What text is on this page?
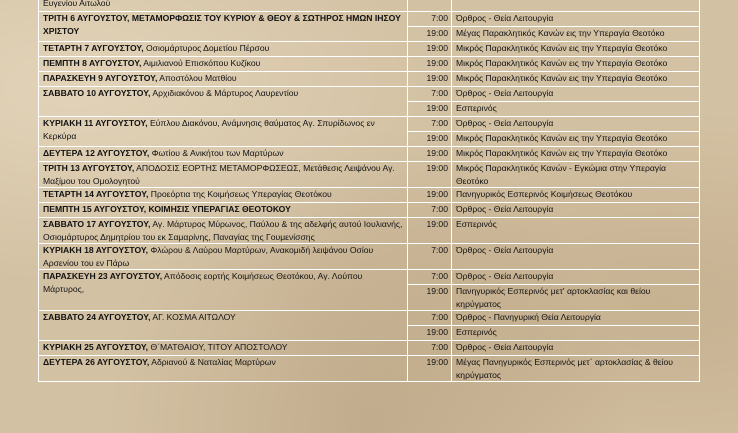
Ευγενίου Αιτωλού		
ΤΡΙΤΗ 6 ΑΥΓΟΥΣΤΟΥ, ΜΕΤΑΜΟΡΦΩΣΙΣ ΤΟΥ ΚΥΡΙΟΥ & ΘΕΟΥ & ΣΩΤΗΡΟΣ ΗΜΩΝ ΙΗΣΟΥ ΧΡΙΣΤΟΥ	7:00	Όρθρος - Θεία Λειτουργία
	19:00	Μέγας Παρακλητικός Κανών εις την Υπεραγία Θεοτόκο
ΤΕΤΑΡΤΗ 7 ΑΥΓΟΥΣΤΟΥ, Οσιομάρτυρος Δομετίου Πέρσου	19:00	Μικρός Παρακλητικός Κανών εις την Υπεραγία Θεοτόκο
ΠΕΜΠΤΗ 8 ΑΥΓΟΥΣΤΟΥ, Αιμιλιανού Επισκόπου Κυζίκου	19:00	Μικρός Παρακλητικός Κανών εις την Υπεραγία Θεοτόκο
ΠΑΡΑΣΚΕΥΗ 9 ΑΥΓΟΥΣΤΟΥ, Αποστόλου Ματθίου	19:00	Μικρός Παρακλητικός Κανών εις την Υπεραγία Θεοτόκο
ΣΑΒΒΑΤΟ 10 ΑΥΓΟΥΣΤΟΥ, Αρχιδιακόνου & Μάρτυρος Λαυρεντίου	7:00	Όρθρος - Θεία Λειτουργία
	19:00	Εσπερινός
ΚΥΡΙΑΚΗ 11 ΑΥΓΟΥΣΤΟΥ, Εύπλου Διακόνου, Ανάμνησις θαύματος Αγ. Σπυρίδωνος εν Κερκύρα	7:00	Όρθρος - Θεία Λειτουργία
	19:00	Μικρός Παρακλητικός Κανών εις την Υπεραγία Θεοτόκο
ΔΕΥΤΕΡΑ 12 ΑΥΓΟΥΣΤΟΥ, Φωτίου & Ανικήτου των Μαρτύρων	19:00	Μικρός Παρακλητικός Κανών εις την Υπεραγία Θεοτόκο
ΤΡΙΤΗ 13 ΑΥΓΟΥΣΤΟΥ, ΑΠΟΔΟΣΙΣ ΕΟΡΤΗΣ ΜΕΤΑΜΟΡΦΩΣΕΩΣ, Μετάθεσις Λειψάνου Αγ. Μαξίμου του Ομολογητού	19:00	Μικρός Παρακλητικός Κανών - Εγκώμια στην Υπεραγία Θεοτόκο
ΤΕΤΑΡΤΗ 14 ΑΥΓΟΥΣΤΟΥ, Προεόρτια της Κοιμήσεως Υπεραγίας Θεοτόκου	19:00	Πανηγυρικός Εσπερινός Κοιμήσεως Θεοτόκου
ΠΕΜΠΤΗ 15 ΑΥΓΟΥΣΤΟΥ, ΚΟΙΜΗΣΙΣ ΥΠΕΡΑΓΙΑΣ ΘΕΟΤΟΚΟΥ	7:00	Όρθρος - Θεία Λειτουργία
ΣΑΒΒΑΤΟ 17 ΑΥΓΟΥΣΤΟΥ, Αγ. Μάρτυρος Μύρωνος, Παύλου & της αδελφής αυτού Ιουλιανής, Οσιομάρτυρος Δημητρίου του εκ Σαμαρίνης, Παναγίας της Γουμενίσσης	19:00	Εσπερινός
ΚΥΡΙΑΚΗ 18 ΑΥΓΟΥΣΤΟΥ, Φλώρου & Λαύρου Μαρτύρων, Ανακομιδή λειψάνου Οσίου Αρσενίου του εν Πάρω	7:00	Όρθρος - Θεία Λειτουργία
ΠΑΡΑΣΚΕΥΗ 23 ΑΥΓΟΥΣΤΟΥ, Απόδοσις εορτής Κοιμήσεως Θεοτόκου, Αγ. Λούπου Μάρτυρος,	7:00	Όρθρος - Θεία Λειτουργία
	19:00	Πανηγυρικός Εσπερινός μετ' αρτοκλασίας και θείου κηρύγματος
ΣΑΒΒΑΤΟ 24 ΑΥΓΟΥΣΤΟΥ, ΑΓ. ΚΟΣΜΑ ΑΙΤΩΛΟΥ	7:00	Όρθρος - Πανηγυρική Θεία Λειτουργία
	19:00	Εσπερινός
ΚΥΡΙΑΚΗ 25 ΑΥΓΟΥΣΤΟΥ, Θ΄ΜΑΤΘΑΙΟΥ, ΤΙΤΟΥ ΑΠΟΣΤΟΛΟΥ	7:00	Όρθρος - Θεία Λειτουργία
ΔΕΥΤΕΡΑ 26 ΑΥΓΟΥΣΤΟΥ, Αδριανού & Ναταλίας Μαρτύρων	19:00	Μέγας Πανηγυρικός Εσπερινός μετ΄ αρτοκλασίας & θείου κηρύγματος
